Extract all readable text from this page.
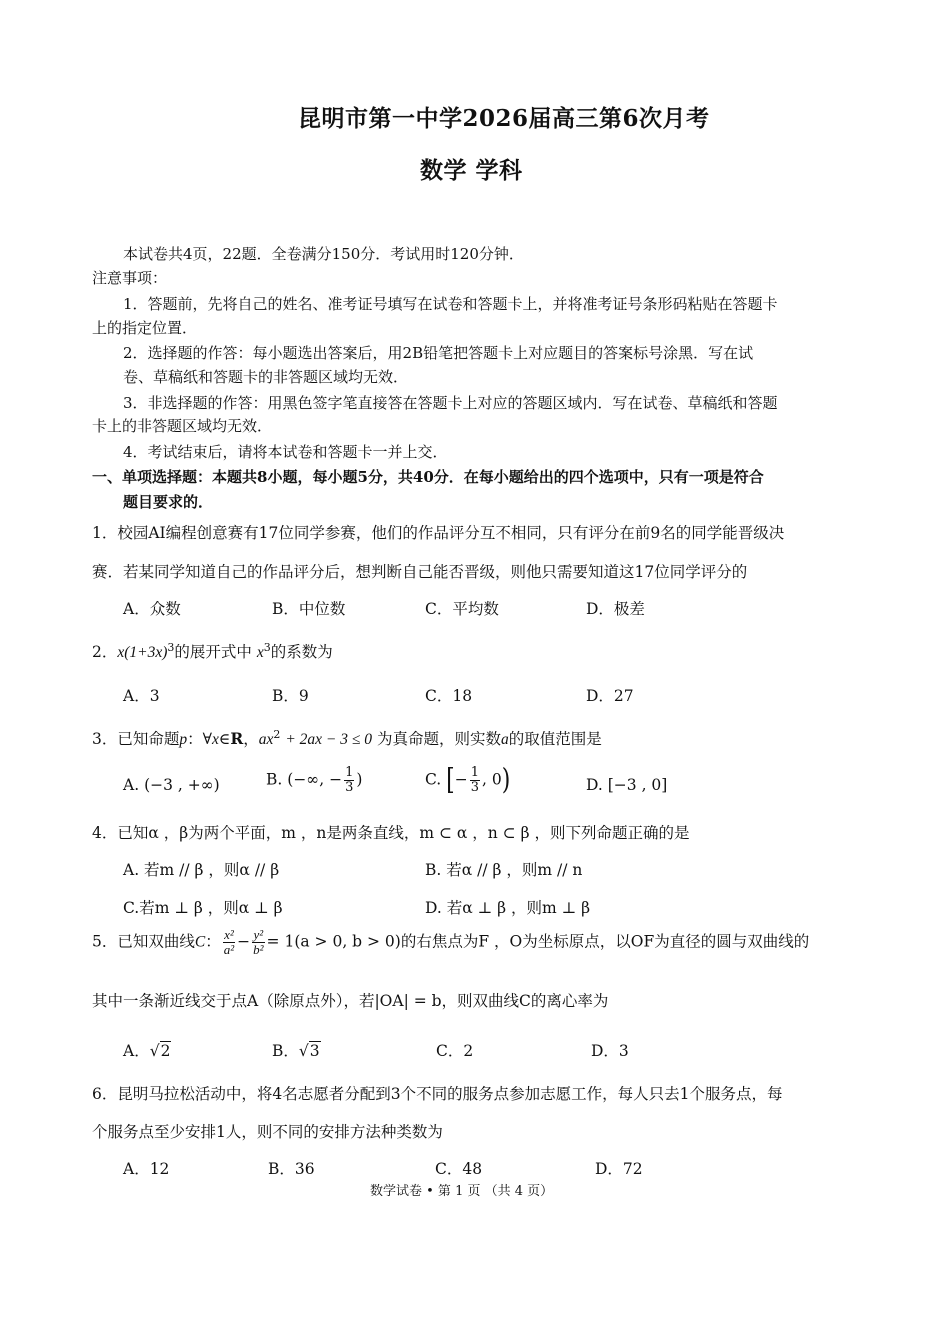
昆明市第一中学2026届高三第6次月考
数学 学科
本试卷共4页，22题．全卷满分150分．考试用时120分钟．
注意事项：
1．答题前，先将自己的姓名、准考证号填写在试卷和答题卡上，并将准考证号条形码粘贴在答题卡
上的指定位置．
2．选择题的作答：每小题选出答案后，用2B铅笔把答题卡上对应题目的答案标号涂黑．写在试
卷、草稿纸和答题卡的非答题区域均无效．
3．非选择题的作答：用黑色签字笔直接答在答题卡上对应的答题区域内．写在试卷、草稿纸和答题
卡上的非答题区域均无效．
4．考试结束后，请将本试卷和答题卡一并上交．
一、单项选择题：本题共8小题，每小题5分，共40分．在每小题给出的四个选项中，只有一项是符合
题目要求的．
1．校园AI编程创意赛有17位同学参赛，他们的作品评分互不相同，只有评分在前9名的同学能晋级决
赛．若某同学知道自己的作品评分后，想判断自己能否晋级，则他只需要知道这17位同学评分的
A．众数	B．中位数	C．平均数	D．极差
2．$x(1+3x)^3$的展开式中 $x^3$的系数为
A．3	B．9	C．18	D．27
3．已知命题p：∀x∈R，$ax^2 + 2ax - 3 \le 0$ 为真命题，则实数a的取值范围是
A. (−3 , +∞)	B. (−∞, − $\frac{1}{3}$ )	C. [− $\frac{1}{3}$ , 0)	D. [−3 , 0]
4．已知α ，β为两个平面，m ，n是两条直线，m ⊂ α ，n ⊂ β ，则下列命题正确的是
A. 若m // β ，则α // β	B. 若α // β ，则m // n
C.若m ⊥ β ，则α ⊥ β	D. 若α ⊥ β ，则m ⊥ β
5．已知双曲线C： $\frac{\text{x²}}{\text{a²}} - \frac{\text{y²}}{\text{b²}} = 1(a > 0$, b > 0)的右焦点为F ，O为坐标原点，以OF为直径的圆与双曲线的
其中一条渐近线交于点A（除原点外），若|OA| = b，则双曲线C的离心率为
A．√2	B．√3	C．2	D．3
6．昆明马拉松活动中，将4名志愿者分配到3个不同的服务点参加志愿工作，每人只去1个服务点，每
个服务点至少安排1人，则不同的安排方法种类数为
A．12	B．36	C．48	D．72
数学试卷 • 第 1 页 （共 4 页）
